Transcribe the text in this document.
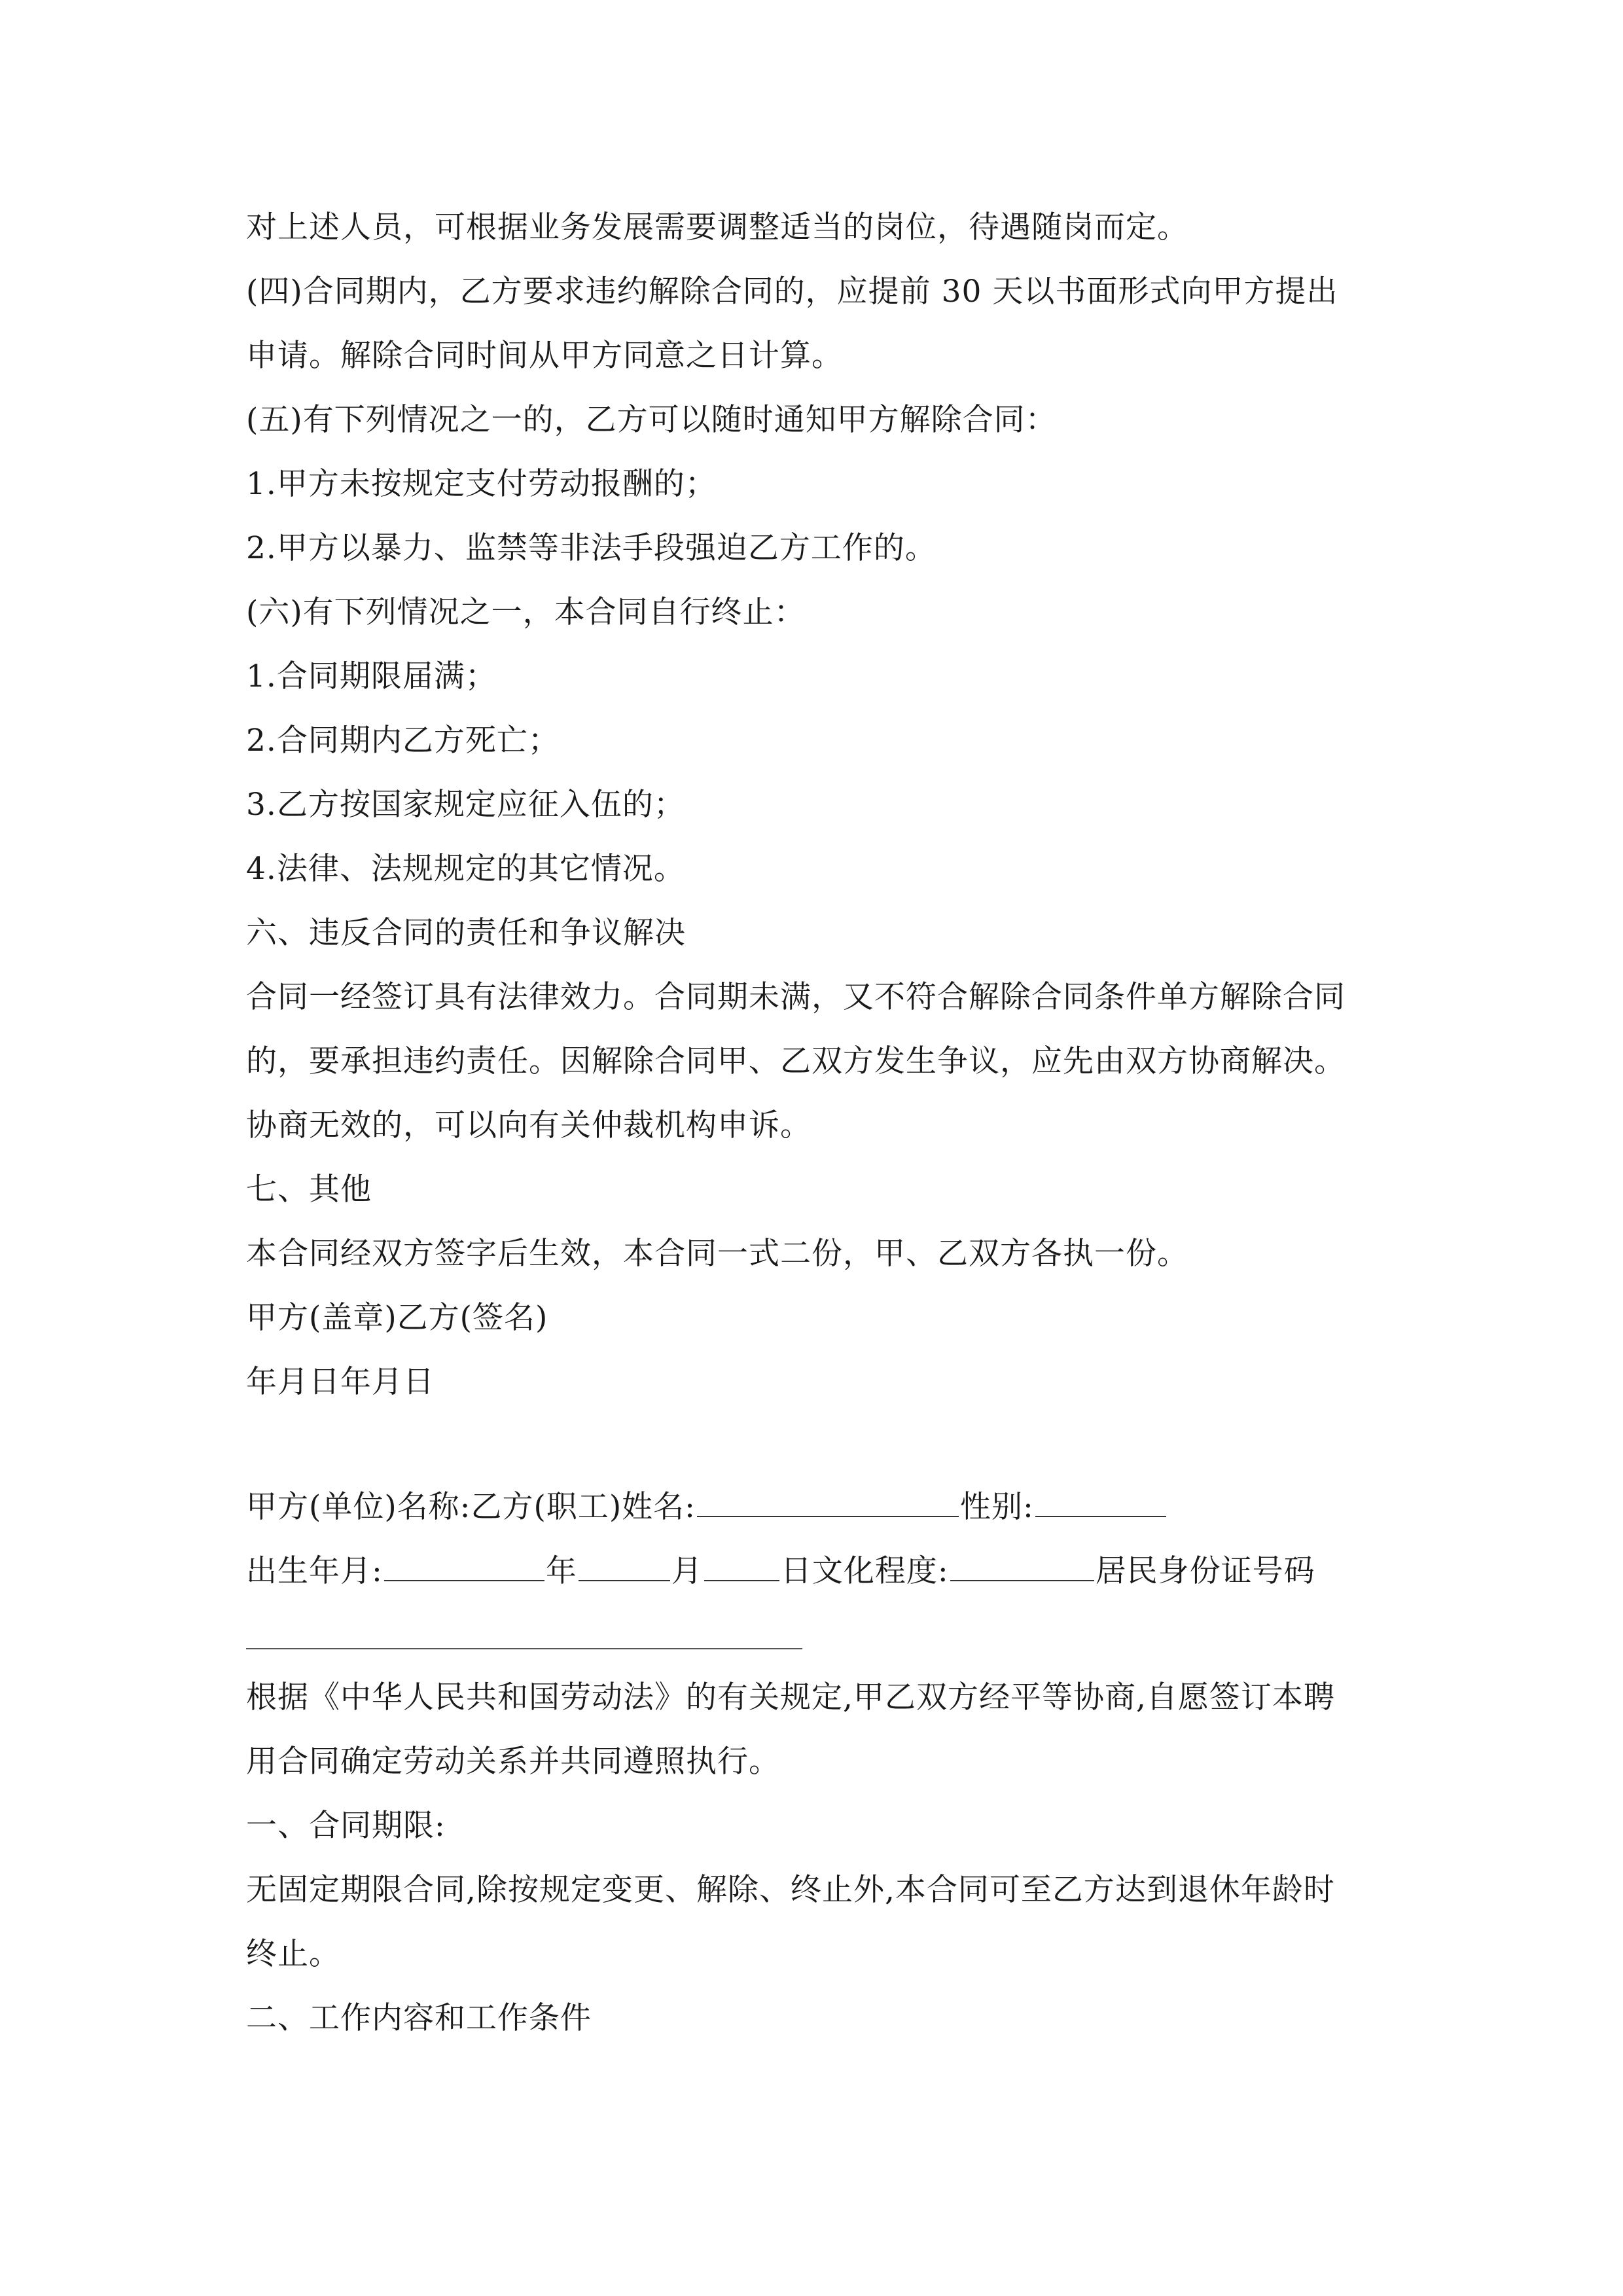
对上述人员，可根据业务发展需要调整适当的岗位，待遇随岗而定。
(四)合同期内，乙方要求违约解除合同的，应提前 30 天以书面形式向甲方提出
申请。解除合同时间从甲方同意之日计算。
(五)有下列情况之一的，乙方可以随时通知甲方解除合同：
1.甲方未按规定支付劳动报酬的；
2.甲方以暴力、监禁等非法手段强迫乙方工作的。
(六)有下列情况之一，本合同自行终止：
1.合同期限届满；
2.合同期内乙方死亡；
3.乙方按国家规定应征入伍的；
4.法律、法规规定的其它情况。
六、违反合同的责任和争议解决
合同一经签订具有法律效力。合同期未满，又不符合解除合同条件单方解除合同
的，要承担违约责任。因解除合同甲、乙双方发生争议，应先由双方协商解决。
协商无效的，可以向有关仲裁机构申诉。
七、其他
本合同经双方签字后生效，本合同一式二份，甲、乙双方各执一份。
甲方(盖章)乙方(签名)
年月日年月日
甲方(单位)名称:乙方(职工)姓名:	性别:
出生年月:	年	月	日文化程度:	居民身份证号码
根据《中华人民共和国劳动法》的有关规定,甲乙双方经平等协商,自愿签订本聘
用合同确定劳动关系并共同遵照执行。
一、合同期限:
无固定期限合同,除按规定变更、解除、终止外,本合同可至乙方达到退休年龄时
终止。
二、工作内容和工作条件
